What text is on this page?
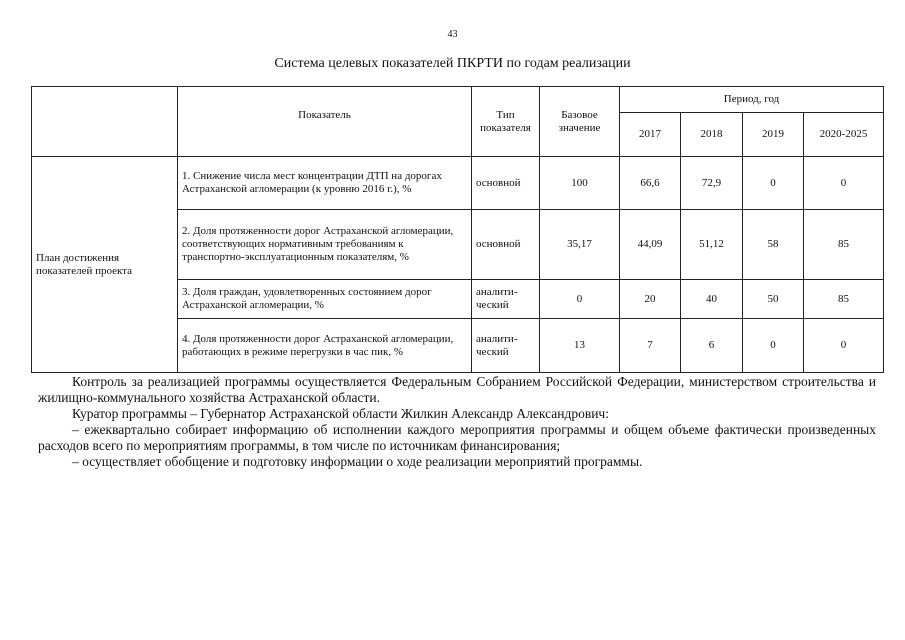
43
Система целевых показателей ПКРТИ по годам реализации
	Показатель	Тип показателя	Базовое значение	Период, год			
				2017	2018	2019	2020-2025
План достижения показателей проекта	1. Снижение числа мест концентрации ДТП на дорогах Астраханской агломерации (к уровню 2016 г.), %	основной	100	66,6	72,9	0	0
	2. Доля протяженности дорог Астраханской агломерации, соответствующих нормативным требованиям к транспортно-эксплуатационным показателям, %	основной	35,17	44,09	51,12	58	85
	3. Доля граждан, удовлетворенных состоянием дорог Астраханской агломерации, %	аналити-ческий	0	20	40	50	85
	4. Доля протяженности дорог Астраханской агломерации, работающих в режиме перегрузки в час пик, %	аналити-ческий	13	7	6	0	0

Контроль за реализацией программы осуществляется Федеральным Собранием Российской Федерации, министерством строительства и жилищно-коммунального хозяйства Астраханской области.

Куратор программы – Губернатор Астраханской области Жилкин Александр Александрович:

– ежеквартально собирает информацию об исполнении каждого мероприятия программы и общем объеме фактически произведенных расходов всего по мероприятиям программы, в том числе по источникам финансирования;

– осуществляет обобщение и подготовку информации о ходе реализации мероприятий программы.
